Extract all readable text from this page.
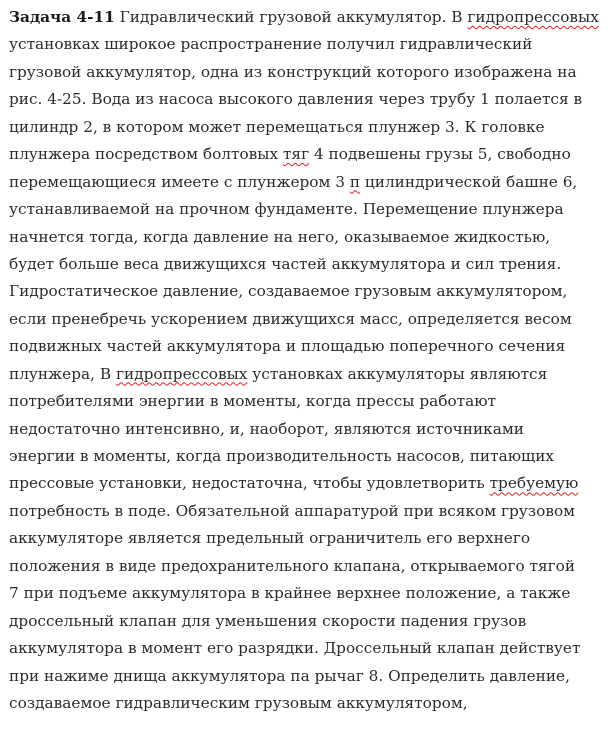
Задача 4-11 Гидравлический грузовой аккумулятор. В гидропрессовых
установках широкое распространение получил гидравлический
грузовой аккумулятор, одна из конструкций которого изображена на
рис. 4-25. Вода из насоса высокого давления через трубу 1 полается в
цилиндр 2, в котором может перемещаться плунжер 3. К головке
плунжера посредством болтовых тяг 4 подвешены грузы 5, свободно
перемещающиеся имеете с плунжером 3 п цилиндрической башне 6,
устанавливаемой на прочном фундаменте. Перемещение плунжера
начнется тогда, когда давление на него, оказываемое жидкостью,
будет больше веса движущихся частей аккумулятора и сил трения.
Гидростатическое давление, создаваемое грузовым аккумулятором,
если пренебречь ускорением движущихся масс, определяется весом
подвижных частей аккумулятора и площадью поперечного сечения
плунжера, В гидропрессовых установках аккумуляторы являются
потребителями энергии в моменты, когда прессы работают
недостаточно интенсивно, и, наоборот, являются источниками
энергии в моменты, когда производительность насосов, питающих
прессовые установки, недостаточна, чтобы удовлетворить требуемую
потребность в поде. Обязательной аппаратурой при всяком грузовом
аккумуляторе является предельный ограничитель его верхнего
положения в виде предохранительного клапана, открываемого тягой
7 при подъеме аккумулятора в крайнее верхнее положение, а также
дроссельный клапан для уменьшения скорости падения грузов
аккумулятора в момент его разрядки. Дроссельный клапан действует
при нажиме днища аккумулятора па рычаг 8. Определить давление,
создаваемое гидравлическим грузовым аккумулятором,
